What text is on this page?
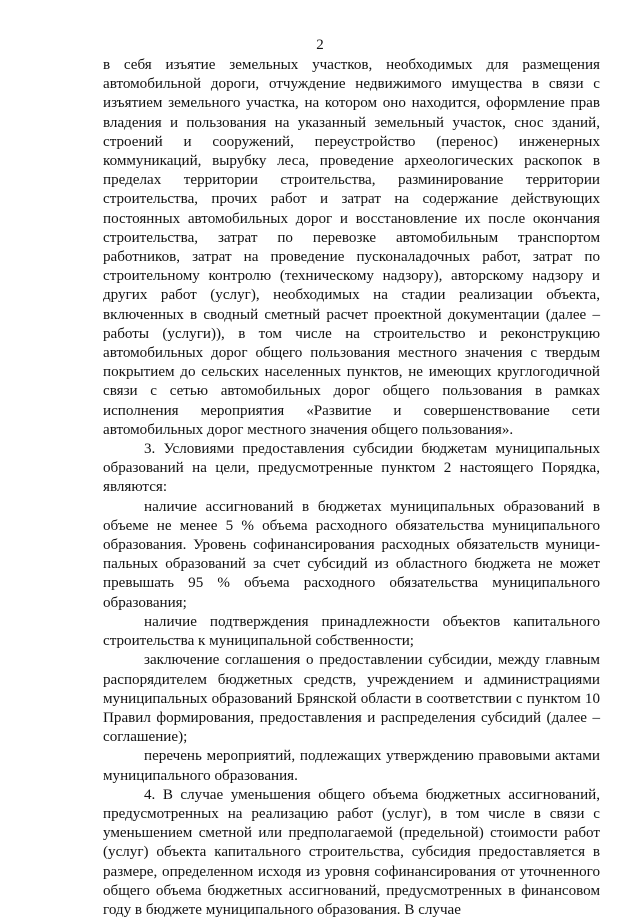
2

в себя изъятие земельных участков, необходимых для размещения автомобильной дороги, отчуждение недвижимого имущества в связи с изъятием земельного участка, на котором оно находится, оформление прав владения и пользования на указанный земельный участок, снос зданий, строений и сооружений, переустройство (перенос) инженерных коммуникаций, вырубку леса, проведение археологических раскопок в пределах территории строительства, разминирование территории строительства, прочих работ и затрат на содержание действующих постоянных автомобильных дорог и восстановление их после окончания строительства, затрат по перевозке автомобильным транспортом работников, затрат на проведение пусконаладочных работ, затрат по строительному контролю (техническому надзору), авторскому надзору и других работ (услуг), необходимых на стадии реализации объекта, включенных в сводный сметный расчет проектной документации (далее – работы (услуги)), в том числе на строительство и реконструкцию автомобильных дорог общего пользования местного значения с твердым покрытием до сельских населенных пунктов, не имеющих круглогодичной связи с сетью автомобильных дорог общего пользования в рамках исполнения мероприятия «Развитие и совершенствование сети автомобильных дорог местного значения общего пользования».

3. Условиями предоставления субсидии бюджетам муниципальных образований на цели, предусмотренные пунктом 2 настоящего Порядка, являются:

наличие ассигнований в бюджетах муниципальных образований в объеме не менее 5 % объема расходного обязательства муниципального образования. Уровень софинансирования расходных обязательств муниципальных образований за счет субсидий из областного бюджета не может превышать 95 % объема расходного обязательства муниципального образования;

наличие подтверждения принадлежности объектов капитального строительства к муниципальной собственности;

заключение соглашения о предоставлении субсидии, между главным распорядителем бюджетных средств, учреждением и администрациями муниципальных образований Брянской области в соответствии с пунктом 10 Правил формирования, предоставления и распределения субсидий (далее – соглашение);

перечень мероприятий, подлежащих утверждению правовыми актами муниципального образования.

4. В случае уменьшения общего объема бюджетных ассигнований, предусмотренных на реализацию работ (услуг), в том числе в связи с уменьшением сметной или предполагаемой (предельной) стоимости работ (услуг) объекта капитального строительства, субсидия предоставляется в размере, определенном исходя из уровня софинансирования от уточненного общего объема бюджетных ассигнований, предусмотренных в финансовом году в бюджете муниципального образования. В случае
